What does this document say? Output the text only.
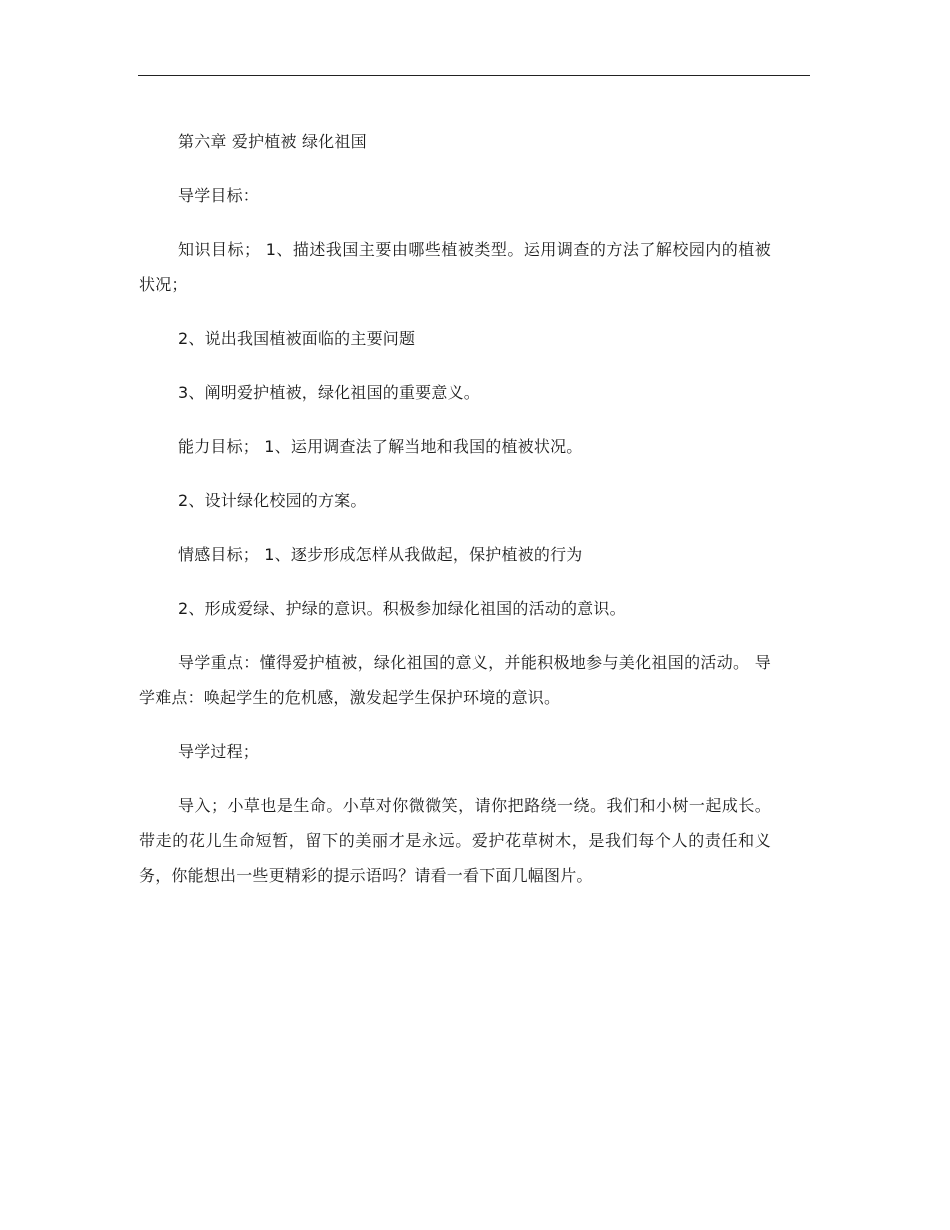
第六章 爱护植被 绿化祖国

导学目标：

知识目标； 1、描述我国主要由哪些植被类型。运用调查的方法了解校园内的植被状况；

2、说出我国植被面临的主要问题

3、阐明爱护植被，绿化祖国的重要意义。

能力目标； 1、运用调查法了解当地和我国的植被状况。

2、设计绿化校园的方案。

情感目标； 1、逐步形成怎样从我做起，保护植被的行为

2、形成爱绿、护绿的意识。积极参加绿化祖国的活动的意识。

导学重点：懂得爱护植被，绿化祖国的意义，并能积极地参与美化祖国的活动。 导学难点：唤起学生的危机感，激发起学生保护环境的意识。

导学过程；

导入；小草也是生命。小草对你微微笑，请你把路绕一绕。我们和小树一起成长。带走的花儿生命短暂，留下的美丽才是永远。爱护花草树木，是我们每个人的责任和义务，你能想出一些更精彩的提示语吗？请看一看下面几幅图片。
